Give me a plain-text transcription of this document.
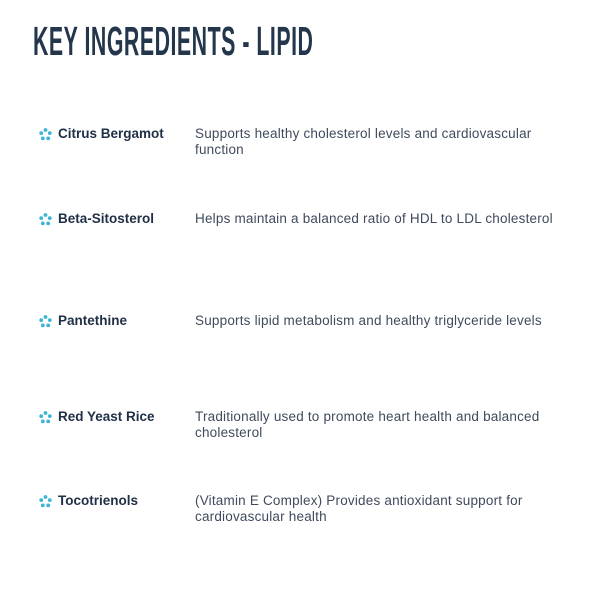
KEY INGREDIENTS - LIPID
Citrus Bergamot	Supports healthy cholesterol levels and cardiovascular function
Beta-Sitosterol	Helps maintain a balanced ratio of HDL to LDL cholesterol
Pantethine	Supports lipid metabolism and healthy triglyceride levels
Red Yeast Rice	Traditionally used to promote heart health and balanced cholesterol
Tocotrienols	(Vitamin E Complex) Provides antioxidant support for cardiovascular health
